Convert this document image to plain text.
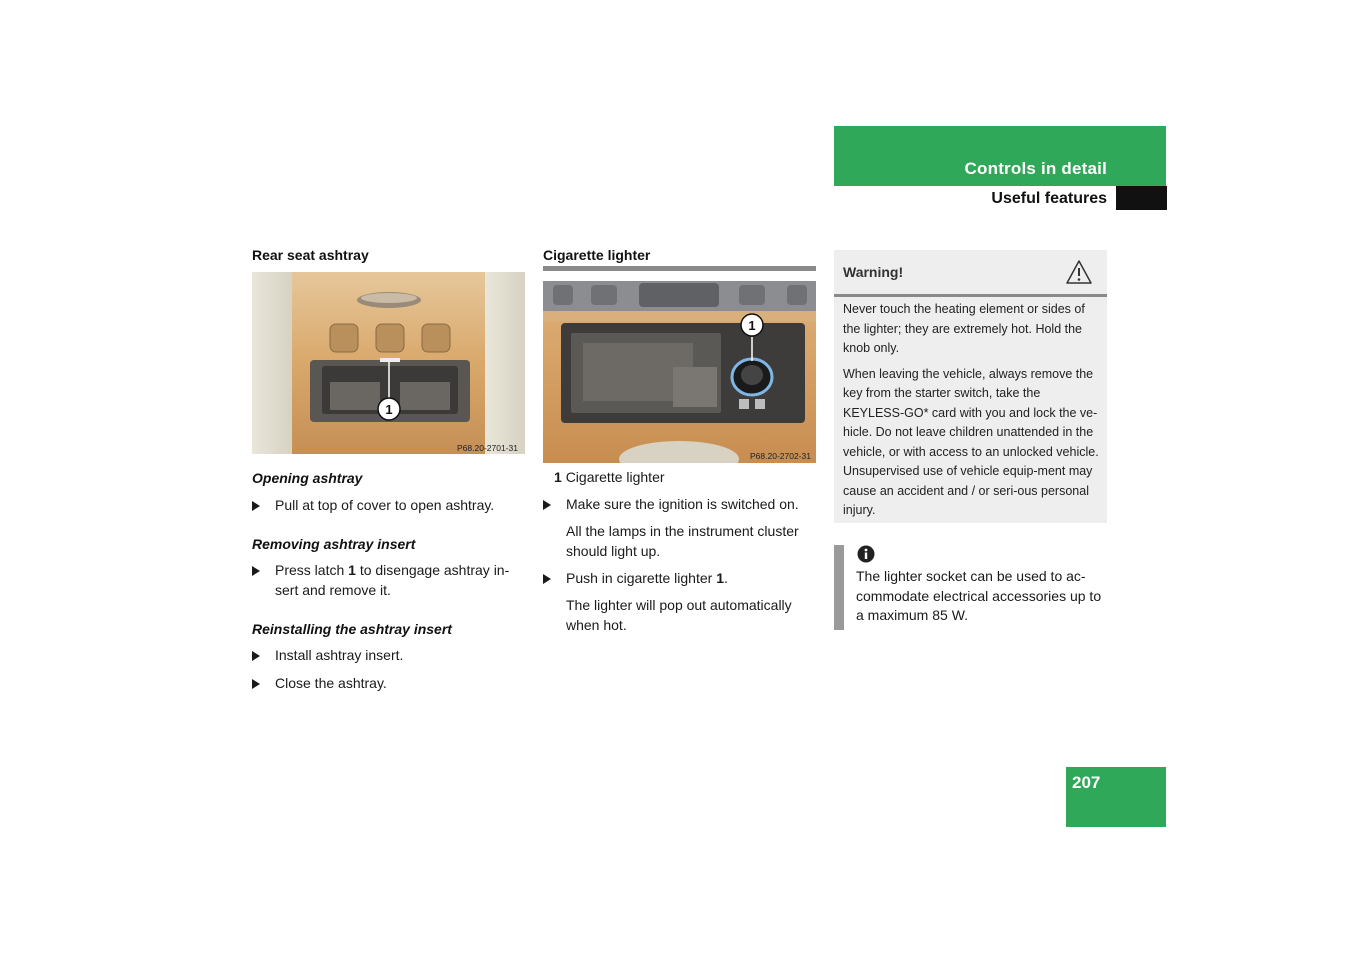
Controls in detail
Useful features
Rear seat ashtray
1
P68.20-2701-31
Opening ashtray
Pull at top of cover to open ashtray.
Removing ashtray insert
Press latch 1 to disengage ashtray in-sert and remove it.
Reinstalling the ashtray insert
Install ashtray insert.
Close the ashtray.
Cigarette lighter
1
P68.20-2702-31
1 Cigarette lighter
Make sure the ignition is switched on.
All the lamps in the instrument cluster should light up.
Push in cigarette lighter 1.
The lighter will pop out automatically when hot.
Warning!

Never touch the heating element or sides of the lighter; they are extremely hot. Hold the knob only.

When leaving the vehicle, always remove the key from the starter switch, take the KEYLESS-GO* card with you and lock the ve-hicle. Do not leave children unattended in the vehicle, or with access to an unlocked vehicle. Unsupervised use of vehicle equip-ment may cause an accident and / or seri-ous personal injury.

The lighter socket can be used to ac-commodate electrical accessories up to a maximum 85 W.
207
